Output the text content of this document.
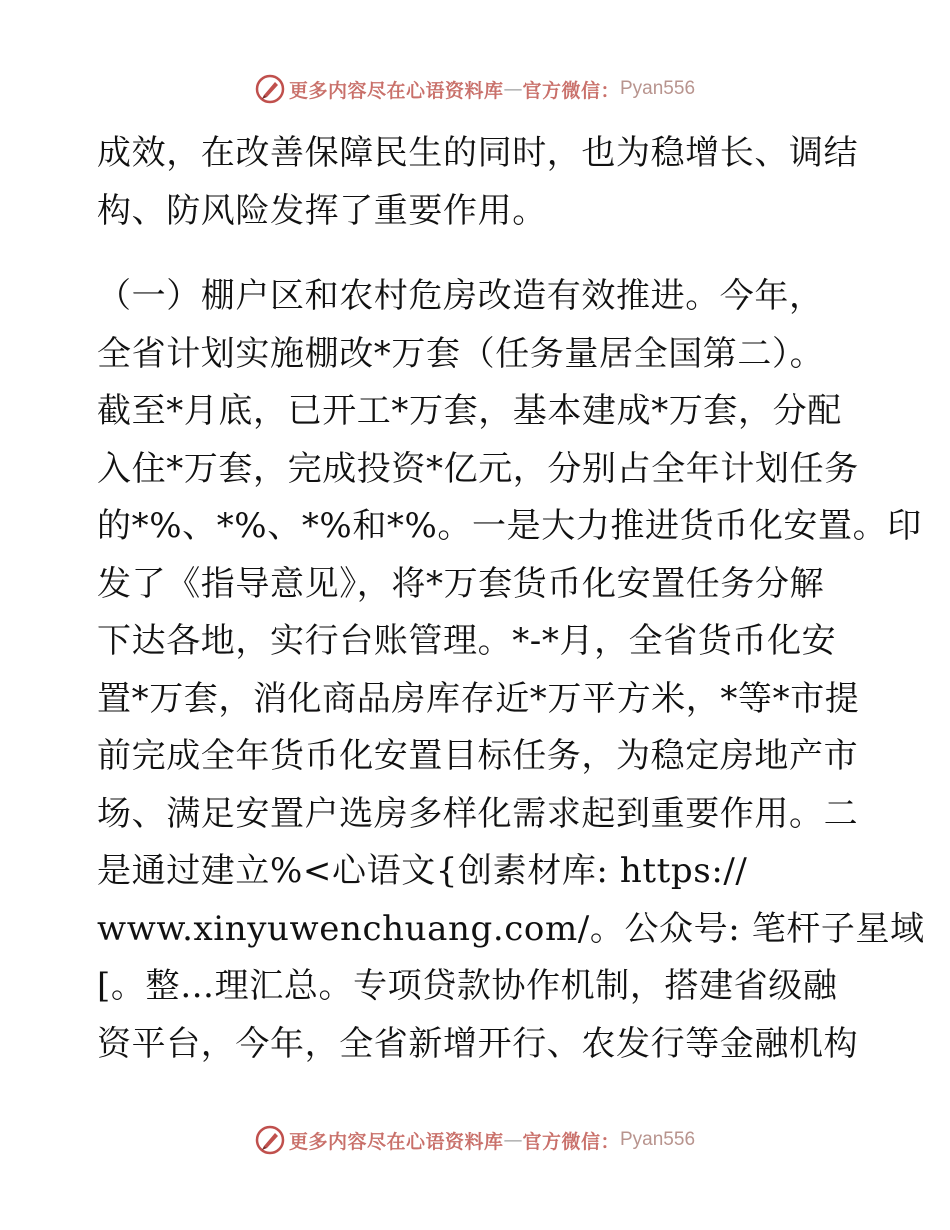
更多内容尽在心语资料库 — 官方微信： Pyan556
成效，在改善保障民生的同时，也为稳增长、调结
构、防风险发挥了重要作用。
（一）棚户区和农村危房改造有效推进。今年，
全省计划实施棚改*万套（任务量居全国第二）。
截至*月底，已开工*万套，基本建成*万套，分配
入住*万套，完成投资*亿元，分别占全年计划任务
的*%、*%、*%和*%。一是大力推进货币化安置。印
发了《指导意见》，将*万套货币化安置任务分解
下达各地，实行台账管理。*-*月，全省货币化安
置*万套，消化商品房库存近*万平方米，*等*市提
前完成全年货币化安置目标任务，为稳定房地产市
场、满足安置户选房多样化需求起到重要作用。二
是通过建立%<心语文{创素材库: https://
www.xinyuwenchuang.com/。公众号: 笔杆子星域
[。整…理汇总。专项贷款协作机制，搭建省级融
资平台，今年，全省新增开行、农发行等金融机构
更多内容尽在心语资料库 — 官方微信： Pyan556
